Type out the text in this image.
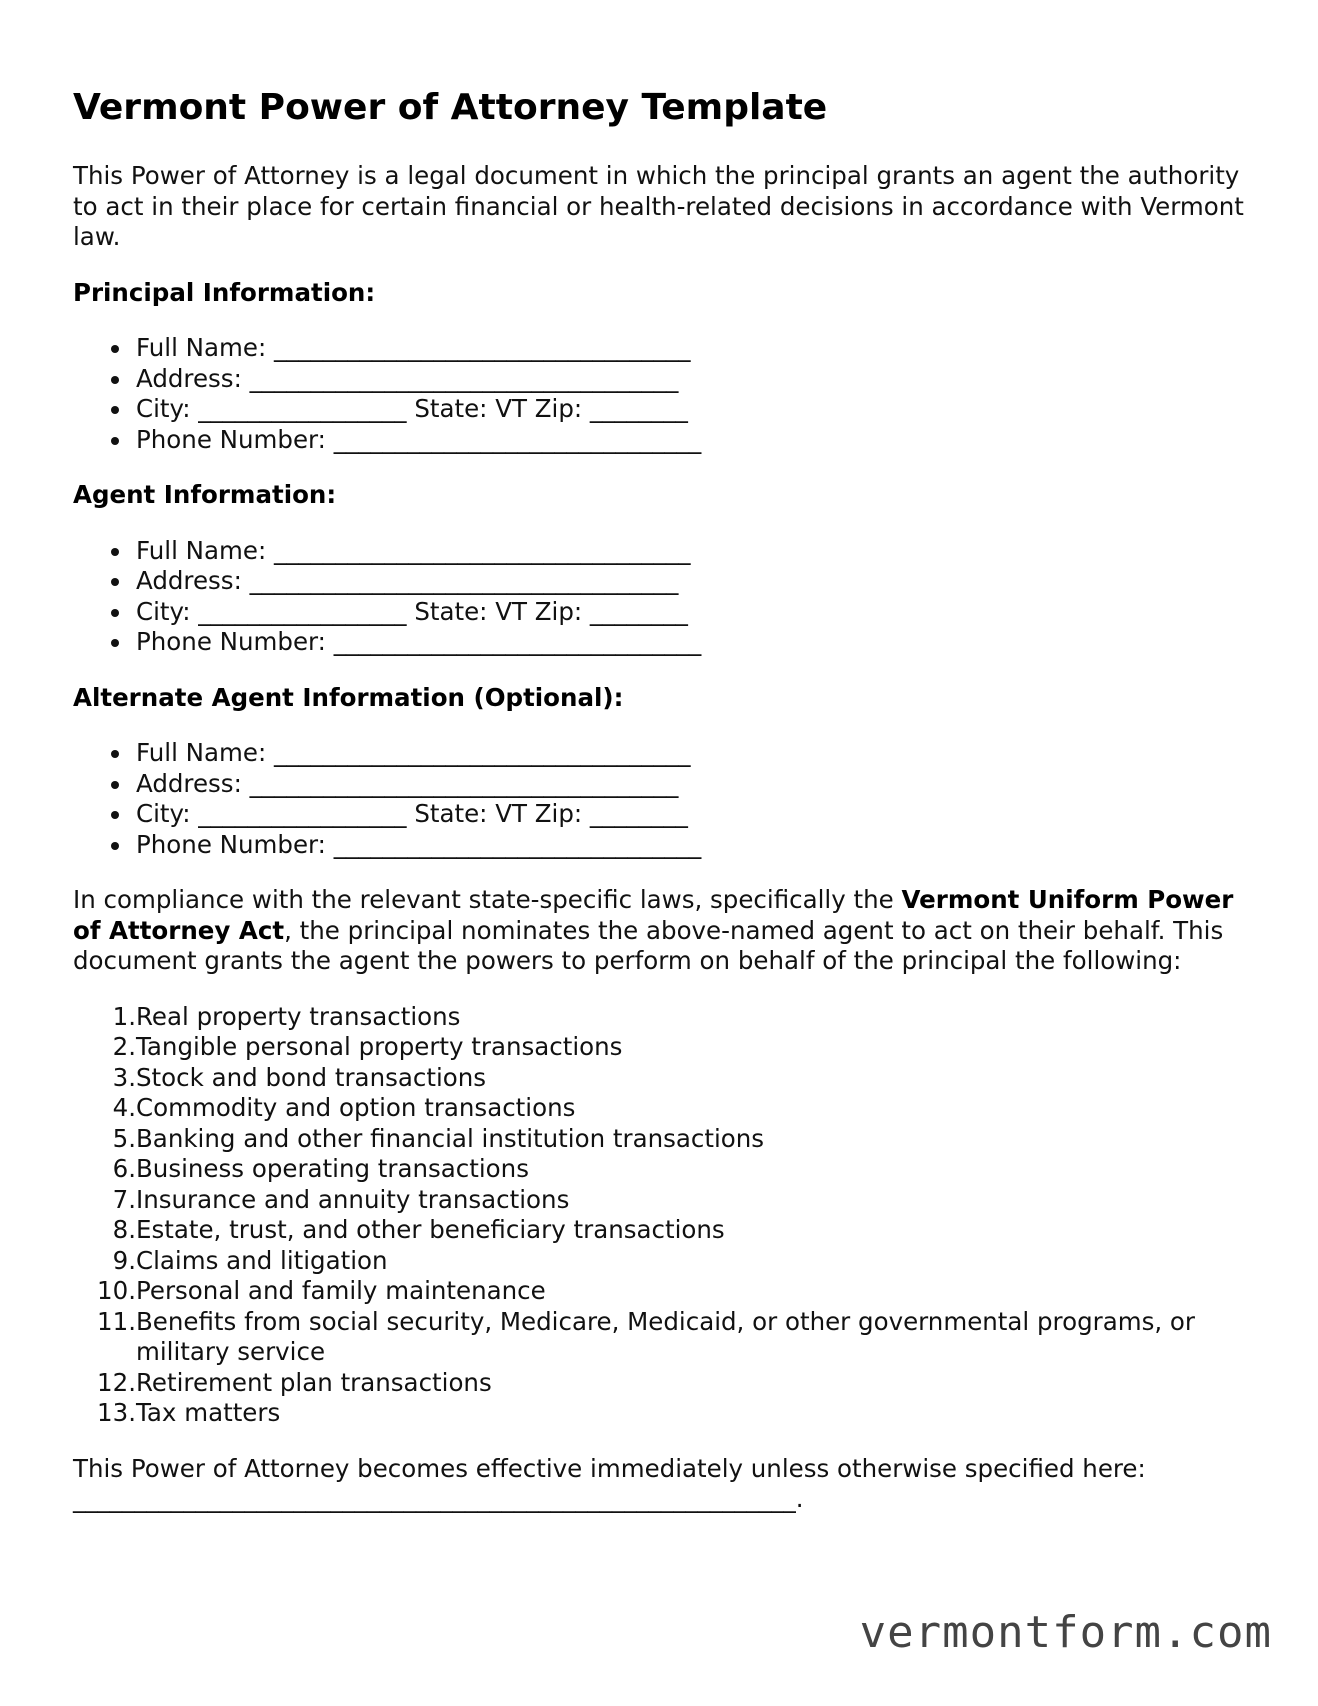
Vermont Power of Attorney Template

This Power of Attorney is a legal document in which the principal grants an agent the authority to act in their place for certain financial or health-related decisions in accordance with Vermont law.

Principal Information:
Full Name: __________________________________
Address: ___________________________________
City: _________________ State: VT Zip: ________
Phone Number: ______________________________
Agent Information:
Full Name: __________________________________
Address: ___________________________________
City: _________________ State: VT Zip: ________
Phone Number: ______________________________
Alternate Agent Information (Optional):
Full Name: __________________________________
Address: ___________________________________
City: _________________ State: VT Zip: ________
Phone Number: ______________________________

In compliance with the relevant state-specific laws, specifically the Vermont Uniform Power of Attorney Act, the principal nominates the above-named agent to act on their behalf. This document grants the agent the powers to perform on behalf of the principal the following:

1. Real property transactions
2. Tangible personal property transactions
3. Stock and bond transactions
4. Commodity and option transactions
5. Banking and other financial institution transactions
6. Business operating transactions
7. Insurance and annuity transactions
8. Estate, trust, and other beneficiary transactions
9. Claims and litigation
10. Personal and family maintenance
11. Benefits from social security, Medicare, Medicaid, or other governmental programs, or military service
12. Retirement plan transactions
13. Tax matters

This Power of Attorney becomes effective immediately unless otherwise specified here:

___________________________________________________________.
vermontform.com
